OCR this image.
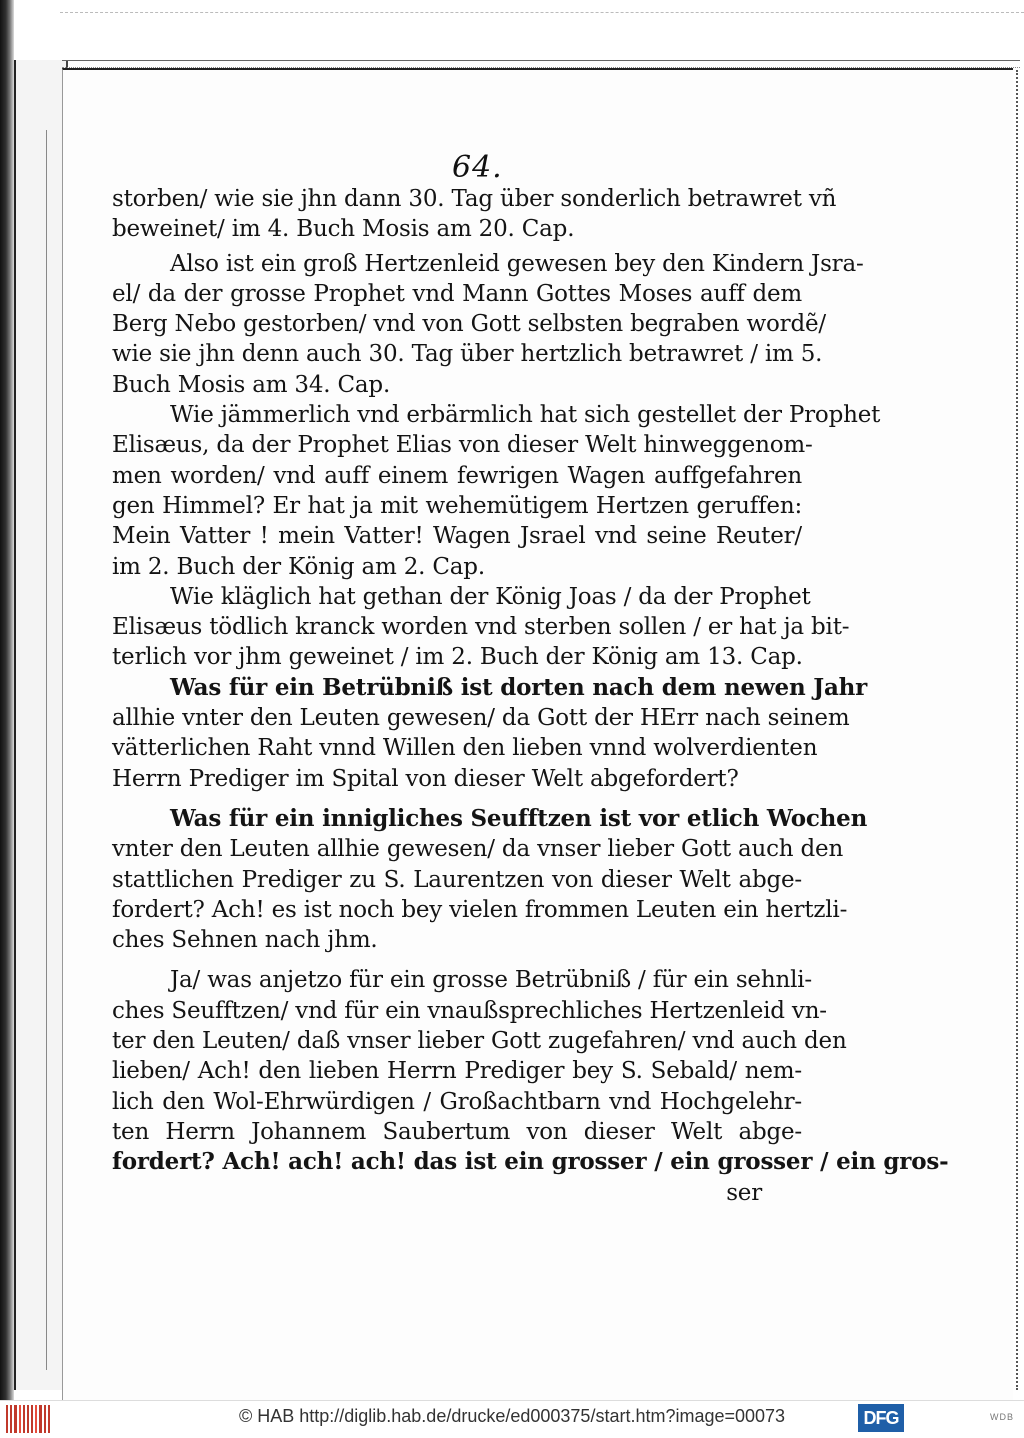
64.
storben/ wie sie jhn dann 30. Tag über sonderlich betrawret vñ
beweinet/ im 4. Buch Mosis am 20. Cap.
Also ist ein groß Hertzenleid gewesen bey den Kindern Jsra-
el/ da der grosse Prophet vnd Mann Gottes Moses auff dem
Berg Nebo gestorben/ vnd von Gott selbsten begraben wordẽ/
wie sie jhn denn auch 30. Tag über hertzlich betrawret / im 5.
Buch Mosis am 34. Cap.
Wie jämmerlich vnd erbärmlich hat sich gestellet der Prophet
Elisæus, da der Prophet Elias von dieser Welt hinweggenom-
men worden/ vnd auff einem fewrigen Wagen auffgefahren
gen Himmel? Er hat ja mit wehemütigem Hertzen geruffen:
Mein Vatter ! mein Vatter! Wagen Jsrael vnd seine Reuter/
im 2. Buch der König am 2. Cap.
Wie kläglich hat gethan der König Joas / da der Prophet
Elisæus tödlich kranck worden vnd sterben sollen / er hat ja bit-
terlich vor jhm geweinet / im 2. Buch der König am 13. Cap.
Was für ein Betrübniß ist dorten nach dem newen Jahr
allhie vnter den Leuten gewesen/ da Gott der HErr nach seinem
vätterlichen Raht vnnd Willen den lieben vnnd wolverdienten
Herrn Prediger im Spital von dieser Welt abgefordert?
Was für ein innigliches Seufftzen ist vor etlich Wochen
vnter den Leuten allhie gewesen/ da vnser lieber Gott auch den
stattlichen Prediger zu S. Laurentzen von dieser Welt abge-
fordert? Ach! es ist noch bey vielen frommen Leuten ein hertzli-
ches Sehnen nach jhm.
Ja/ was anjetzo für ein grosse Betrübniß / für ein sehnli-
ches Seufftzen/ vnd für ein vnaußsprechliches Hertzenleid vn-
ter den Leuten/ daß vnser lieber Gott zugefahren/ vnd auch den
lieben/ Ach! den lieben Herrn Prediger bey S. Sebald/ nem-
lich den Wol-Ehrwürdigen / Großachtbarn vnd Hochgelehr-
ten Herrn Johannem Saubertum von dieser Welt abge-
fordert? Ach! ach! ach! das ist ein grosser / ein grosser / ein gros-
ser
© HAB http://diglib.hab.de/drucke/ed000375/start.htm?image=00073	DFG	WDB
